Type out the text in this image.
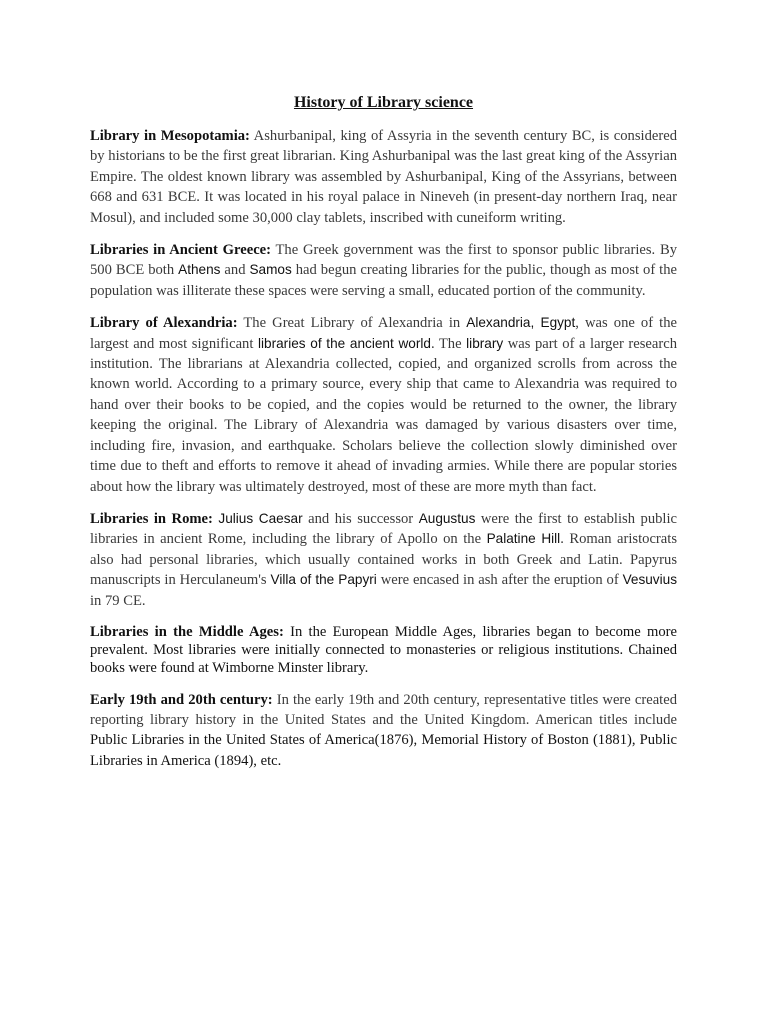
History of Library science

Library in Mesopotamia: Ashurbanipal, king of Assyria in the seventh century BC, is considered by historians to be the first great librarian. King Ashurbanipal was the last great king of the Assyrian Empire. The oldest known library was assembled by Ashurbanipal, King of the Assyrians, between 668 and 631 BCE. It was located in his royal palace in Nineveh (in present-day northern Iraq, near Mosul), and included some 30,000 clay tablets, inscribed with cuneiform writing.

Libraries in Ancient Greece: The Greek government was the first to sponsor public libraries. By 500 BCE both Athens and Samos had begun creating libraries for the public, though as most of the population was illiterate these spaces were serving a small, educated portion of the community.

Library of Alexandria: The Great Library of Alexandria in Alexandria, Egypt, was one of the largest and most significant libraries of the ancient world. The library was part of a larger research institution. The librarians at Alexandria collected, copied, and organized scrolls from across the known world. According to a primary source, every ship that came to Alexandria was required to hand over their books to be copied, and the copies would be returned to the owner, the library keeping the original. The Library of Alexandria was damaged by various disasters over time, including fire, invasion, and earthquake. Scholars believe the collection slowly diminished over time due to theft and efforts to remove it ahead of invading armies. While there are popular stories about how the library was ultimately destroyed, most of these are more myth than fact.

Libraries in Rome: Julius Caesar and his successor Augustus were the first to establish public libraries in ancient Rome, including the library of Apollo on the Palatine Hill. Roman aristocrats also had personal libraries, which usually contained works in both Greek and Latin. Papyrus manuscripts in Herculaneum's Villa of the Papyri were encased in ash after the eruption of Vesuvius in 79 CE.

Libraries in the Middle Ages: In the European Middle Ages, libraries began to become more prevalent. Most libraries were initially connected to monasteries or religious institutions. Chained books were found at Wimborne Minster library.

Early 19th and 20th century: In the early 19th and 20th century, representative titles were created reporting library history in the United States and the United Kingdom. American titles include Public Libraries in the United States of America(1876), Memorial History of Boston (1881), Public Libraries in America (1894), etc.
